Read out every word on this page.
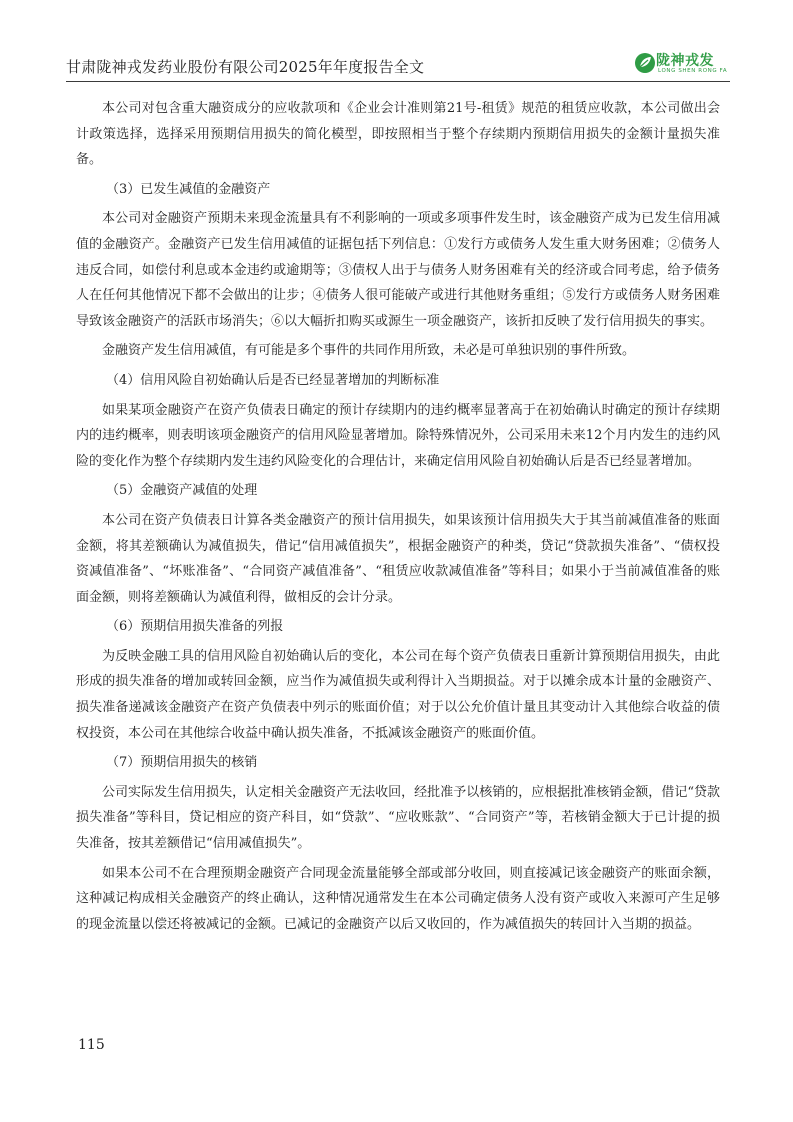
甘肃陇神戎发药业股份有限公司2025年年度报告全文	陇神戎发
LONG SHEN RONG FA

本公司对包含重大融资成分的应收款项和《企业会计准则第21号-租赁》规范的租赁应收款，本公司做出会计政策选择，选择采用预期信用损失的简化模型，即按照相当于整个存续期内预期信用损失的金额计量损失准备。

（3）已发生减值的金融资产

本公司对金融资产预期未来现金流量具有不利影响的一项或多项事件发生时，该金融资产成为已发生信用减值的金融资产。金融资产已发生信用减值的证据包括下列信息：①发行方或债务人发生重大财务困难；②债务人违反合同，如偿付利息或本金违约或逾期等；③债权人出于与债务人财务困难有关的经济或合同考虑，给予债务人在任何其他情况下都不会做出的让步；④债务人很可能破产或进行其他财务重组；⑤发行方或债务人财务困难导致该金融资产的活跃市场消失；⑥以大幅折扣购买或源生一项金融资产，该折扣反映了发行信用损失的事实。

金融资产发生信用减值，有可能是多个事件的共同作用所致，未必是可单独识别的事件所致。

（4）信用风险自初始确认后是否已经显著增加的判断标准

如果某项金融资产在资产负债表日确定的预计存续期内的违约概率显著高于在初始确认时确定的预计存续期内的违约概率，则表明该项金融资产的信用风险显著增加。除特殊情况外，公司采用未来12个月内发生的违约风险的变化作为整个存续期内发生违约风险变化的合理估计，来确定信用风险自初始确认后是否已经显著增加。

（5）金融资产减值的处理

本公司在资产负债表日计算各类金融资产的预计信用损失，如果该预计信用损失大于其当前减值准备的账面金额，将其差额确认为减值损失，借记“信用减值损失”，根据金融资产的种类，贷记“贷款损失准备”、“债权投资减值准备”、“坏账准备”、“合同资产减值准备”、“租赁应收款减值准备”等科目；如果小于当前减值准备的账面金额，则将差额确认为减值利得，做相反的会计分录。

（6）预期信用损失准备的列报

为反映金融工具的信用风险自初始确认后的变化，本公司在每个资产负债表日重新计算预期信用损失，由此形成的损失准备的增加或转回金额，应当作为减值损失或利得计入当期损益。对于以摊余成本计量的金融资产、损失准备递减该金融资产在资产负债表中列示的账面价值；对于以公允价值计量且其变动计入其他综合收益的债权投资，本公司在其他综合收益中确认损失准备，不抵减该金融资产的账面价值。

（7）预期信用损失的核销

公司实际发生信用损失，认定相关金融资产无法收回，经批准予以核销的，应根据批准核销金额，借记“贷款损失准备”等科目，贷记相应的资产科目，如“贷款”、“应收账款”、“合同资产”等，若核销金额大于已计提的损失准备，按其差额借记“信用减值损失”。

如果本公司不在合理预期金融资产合同现金流量能够全部或部分收回，则直接减记该金融资产的账面余额，这种减记构成相关金融资产的终止确认，这种情况通常发生在本公司确定债务人没有资产或收入来源可产生足够的现金流量以偿还将被减记的金额。已减记的金融资产以后又收回的，作为减值损失的转回计入当期的损益。

115
